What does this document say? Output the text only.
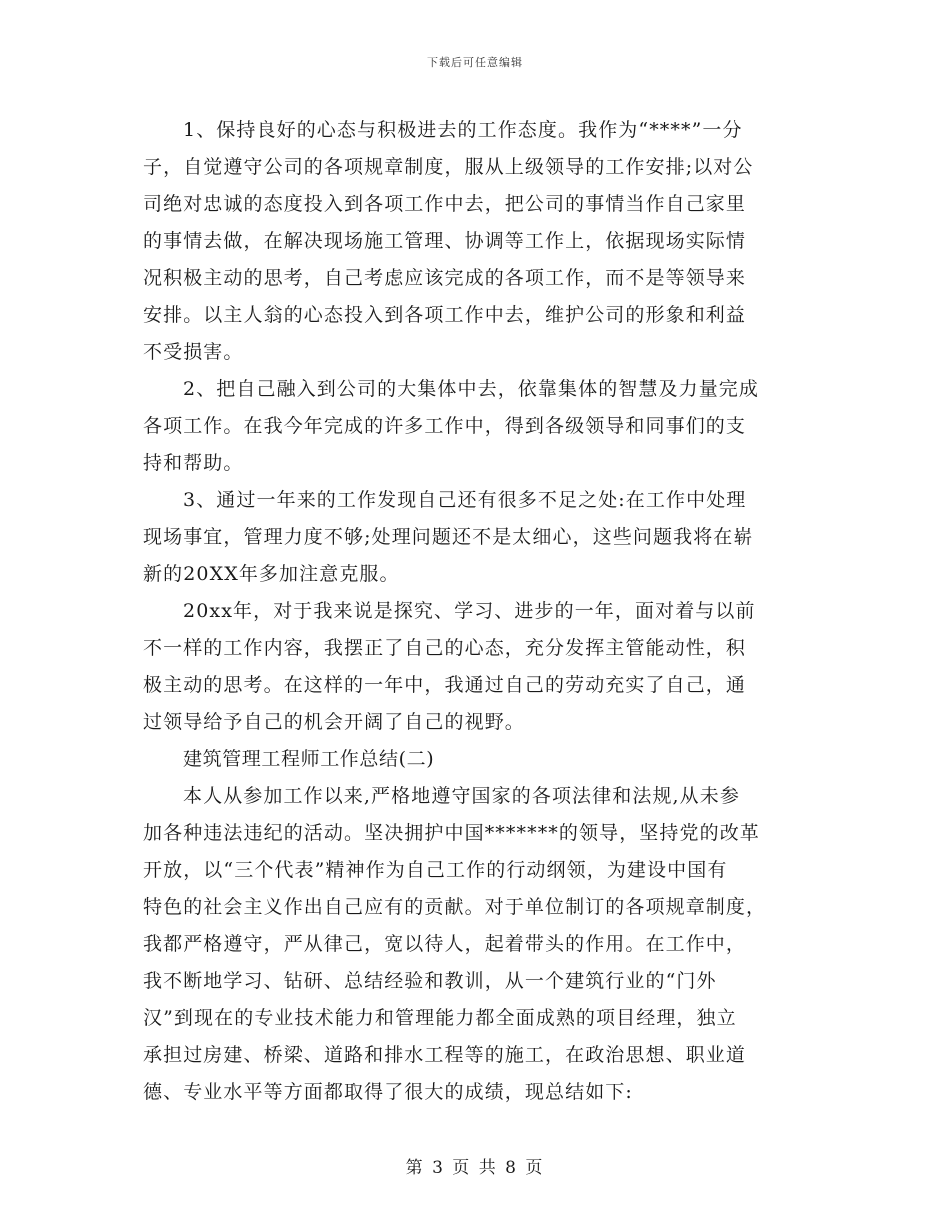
下载后可任意编辑
1、保持良好的心态与积极进去的工作态度。我作为“****”一分
子，自觉遵守公司的各项规章制度，服从上级领导的工作安排;以对公
司绝对忠诚的态度投入到各项工作中去，把公司的事情当作自己家里
的事情去做，在解决现场施工管理、协调等工作上，依据现场实际情
况积极主动的思考，自己考虑应该完成的各项工作，而不是等领导来
安排。以主人翁的心态投入到各项工作中去，维护公司的形象和利益
不受损害。
2、把自己融入到公司的大集体中去，依靠集体的智慧及力量完成
各项工作。在我今年完成的许多工作中，得到各级领导和同事们的支
持和帮助。
3、通过一年来的工作发现自己还有很多不足之处:在工作中处理
现场事宜，管理力度不够;处理问题还不是太细心，这些问题我将在崭
新的20XX年多加注意克服。
20xx年，对于我来说是探究、学习、进步的一年，面对着与以前
不一样的工作内容，我摆正了自己的心态，充分发挥主管能动性，积
极主动的思考。在这样的一年中，我通过自己的劳动充实了自己，通
过领导给予自己的机会开阔了自己的视野。
建筑管理工程师工作总结(二)
本人从参加工作以来,严格地遵守国家的各项法律和法规,从未参
加各种违法违纪的活动。坚决拥护中国*******的领导，坚持党的改革
开放，以“三个代表”精神作为自己工作的行动纲领，为建设中国有
特色的社会主义作出自己应有的贡献。对于单位制订的各项规章制度，
我都严格遵守，严从律己，宽以待人，起着带头的作用。在工作中，
我不断地学习、钻研、总结经验和教训，从一个建筑行业的“门外
汉”到现在的专业技术能力和管理能力都全面成熟的项目经理，独立
承担过房建、桥梁、道路和排水工程等的施工，在政治思想、职业道
德、专业水平等方面都取得了很大的成绩，现总结如下:
第 3 页 共 8 页
